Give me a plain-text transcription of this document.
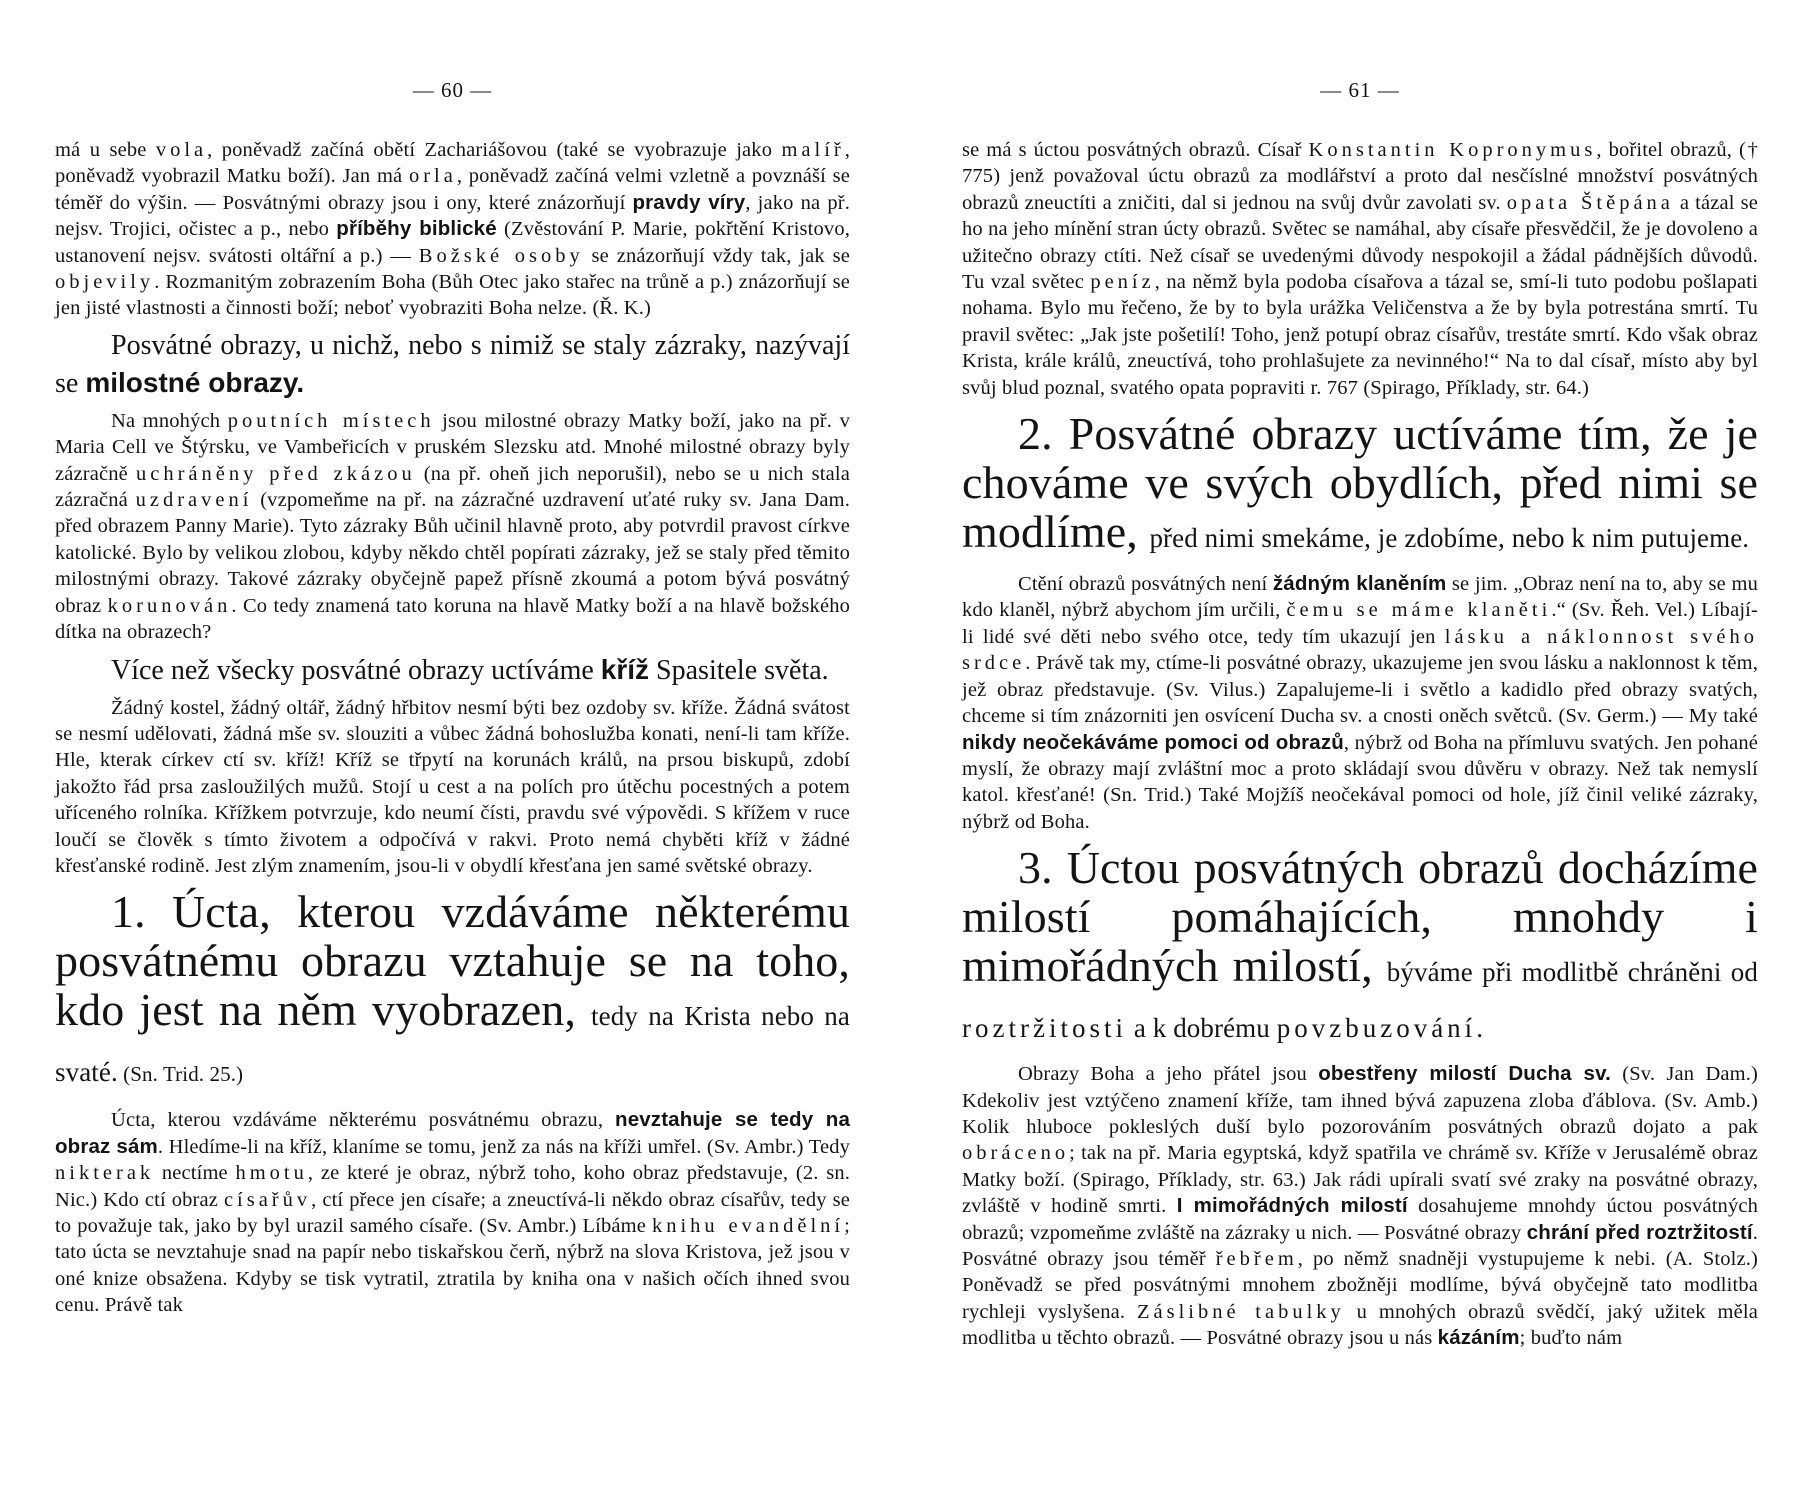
— 60 —

má u sebe vola, poněvadž začíná obětí Zachariášovou (také se vyobrazuje jako malíř, poněvadž vyobrazil Matku boží). Jan má orla, poněvadž začíná velmi vzletně a povznáší se téměř do výšin. — Posvátnými obrazy jsou i ony, které znázorňují pravdy víry, jako na př. nejsv. Trojici, očistec a p., nebo příběhy biblické (Zvěstování P. Marie, pokřtění Kristovo, ustanovení nejsv. svátosti oltářní a p.) — Božské osoby se znázorňují vždy tak, jak se objevily. Rozmanitým zobrazením Boha (Bůh Otec jako stařec na trůně a p.) znázorňují se jen jisté vlastnosti a činnosti boží; neboť vyobraziti Boha nelze. (Ř. K.)

Posvátné obrazy, u nichž, nebo s nimiž se staly zázraky, nazývají se milostné obrazy.

Na mnohých poutních místech jsou milostné obrazy Matky boží, jako na př. v Maria Cell ve Štýrsku, ve Vambeřicích v pruském Slezsku atd. Mnohé milostné obrazy byly zázračně uchráněny před zkázou (na př. oheň jich neporušil), nebo se u nich stala zázračná uzdravení (vzpomeňme na př. na zázračné uzdravení uťaté ruky sv. Jana Dam. před obrazem Panny Marie). Tyto zázraky Bůh učinil hlavně proto, aby potvrdil pravost církve katolické. Bylo by velikou zlobou, kdyby někdo chtěl popírati zázraky, jež se staly před těmito milostnými obrazy. Takové zázraky obyčejně papež přísně zkoumá a potom bývá posvátný obraz korunován. Co tedy znamená tato koruna na hlavě Matky boží a na hlavě božského dítka na obrazech?

Více než všecky posvátné obrazy uctíváme kříž Spasitele světa.

Žádný kostel, žádný oltář, žádný hřbitov nesmí býti bez ozdoby sv. kříže. Žádná svátost se nesmí udělovati, žádná mše sv. slouziti a vůbec žádná bohoslužba konati, není-li tam kříže. Hle, kterak církev ctí sv. kříž! Kříž se třpytí na korunách králů, na prsou biskupů, zdobí jakožto řád prsa zasloužilých mužů. Stojí u cest a na polích pro útěchu pocestných a potem uříceného rolníka. Křížkem potvrzuje, kdo neumí čísti, pravdu své výpovědi. S křížem v ruce loučí se člověk s tímto životem a odpočívá v rakvi. Proto nemá chyběti kříž v žádné křesťanské rodině. Jest zlým znamením, jsou-li v obydlí křesťana jen samé světské obrazy.

1. Úcta, kterou vzdáváme některému posvátnému obrazu vztahuje se na toho, kdo jest na něm vyobrazen, tedy na Krista nebo na svaté. (Sn. Trid. 25.)

Úcta, kterou vzdáváme některému posvátnému obrazu, nevztahuje se tedy na obraz sám. Hledíme-li na kříž, klaníme se tomu, jenž za nás na kříži umřel. (Sv. Ambr.) Tedy nikterak nectíme hmotu, ze které je obraz, nýbrž toho, koho obraz představuje, (2. sn. Nic.) Kdo ctí obraz císařův, ctí přece jen císaře; a zneuctívá-li někdo obraz císařův, tedy se to považuje tak, jako by byl urazil samého císaře. (Sv. Ambr.) Líbáme knihu evandělní; tato úcta se nevztahuje snad na papír nebo tiskařskou čerň, nýbrž na slova Kristova, jež jsou v oné knize obsažena. Kdyby se tisk vytratil, ztratila by kniha ona v našich očích ihned svou cenu. Právě tak

— 61 —

se má s úctou posvátných obrazů. Císař Konstantin Kopronymus, bořitel obrazů, († 775) jenž považoval úctu obrazů za modlářství a proto dal nesčíslné množství posvátných obrazů zneuctíti a zničiti, dal si jednou na svůj dvůr zavolati sv. opata Štěpána a tázal se ho na jeho mínění stran úcty obrazů. Světec se namáhal, aby císaře přesvědčil, že je dovoleno a užitečno obrazy ctíti. Než císař se uvedenými důvody nespokojil a žádal pádnějších důvodů. Tu vzal světec peníz, na němž byla podoba císařova a tázal se, smí-li tuto podobu pošlapati nohama. Bylo mu řečeno, že by to byla urážka Veličenstva a že by byla potrestána smrtí. Tu pravil světec: „Jak jste pošetilí! Toho, jenž potupí obraz císařův, trestáte smrtí. Kdo však obraz Krista, krále králů, zneuctívá, toho prohlašujete za nevinného!“ Na to dal císař, místo aby byl svůj blud poznal, svatého opata popraviti r. 767 (Spirago, Příklady, str. 64.)

2. Posvátné obrazy uctíváme tím, že je chováme ve svých obydlích, před nimi se modlíme, před nimi smekáme, je zdobíme, nebo k nim putujeme.

Ctění obrazů posvátných není žádným klaněním se jim. „Obraz není na to, aby se mu kdo klaněl, nýbrž abychom jím určili, čemu se máme klaněti.“ (Sv. Řeh. Vel.) Líbají-li lidé své děti nebo svého otce, tedy tím ukazují jen lásku a náklonnost svého srdce. Právě tak my, ctíme-li posvátné obrazy, ukazujeme jen svou lásku a naklonnost k těm, jež obraz představuje. (Sv. Vilus.) Zapalujeme-li i světlo a kadidlo před obrazy svatých, chceme si tím znázorniti jen osvícení Ducha sv. a cnosti oněch světců. (Sv. Germ.) — My také nikdy neočekáváme pomoci od obrazů, nýbrž od Boha na přímluvu svatých. Jen pohané myslí, že obrazy mají zvláštní moc a proto skládají svou důvěru v obrazy. Než tak nemyslí katol. křesťané! (Sn. Trid.) Také Mojžíš neočekával pomoci od hole, jíž činil veliké zázraky, nýbrž od Boha.

3. Úctou posvátných obrazů docházíme milostí pomáhajících, mnohdy i mimořádných milostí, býváme při modlitbě chráněni od roztržitosti a k dobrému povzbuzování.

Obrazy Boha a jeho přátel jsou obestřeny milostí Ducha sv. (Sv. Jan Dam.) Kdekoliv jest vztýčeno znamení kříže, tam ihned bývá zapuzena zloba ďáblova. (Sv. Amb.) Kolik hluboce pokleslých duší bylo pozorováním posvátných obrazů dojato a pak obráceno; tak na př. Maria egyptská, když spatřila ve chrámě sv. Kříže v Jerusalémě obraz Matky boží. (Spirago, Příklady, str. 63.) Jak rádi upírali svatí své zraky na posvátné obrazy, zvláště v hodině smrti. I mimořádných milostí dosahujeme mnohdy úctou posvátných obrazů; vzpomeňme zvláště na zázraky u nich. — Posvátné obrazy chrání před roztržitostí. Posvátné obrazy jsou téměř řebřem, po němž snadněji vystupujeme k nebi. (A. Stolz.) Poněvadž se před posvátnými mnohem zbožněji modlíme, bývá obyčejně tato modlitba rychleji vyslyšena. Záslibné tabulky u mnohých obrazů svědčí, jaký užitek měla modlitba u těchto obrazů. — Posvátné obrazy jsou u nás kázáním; buďto nám
